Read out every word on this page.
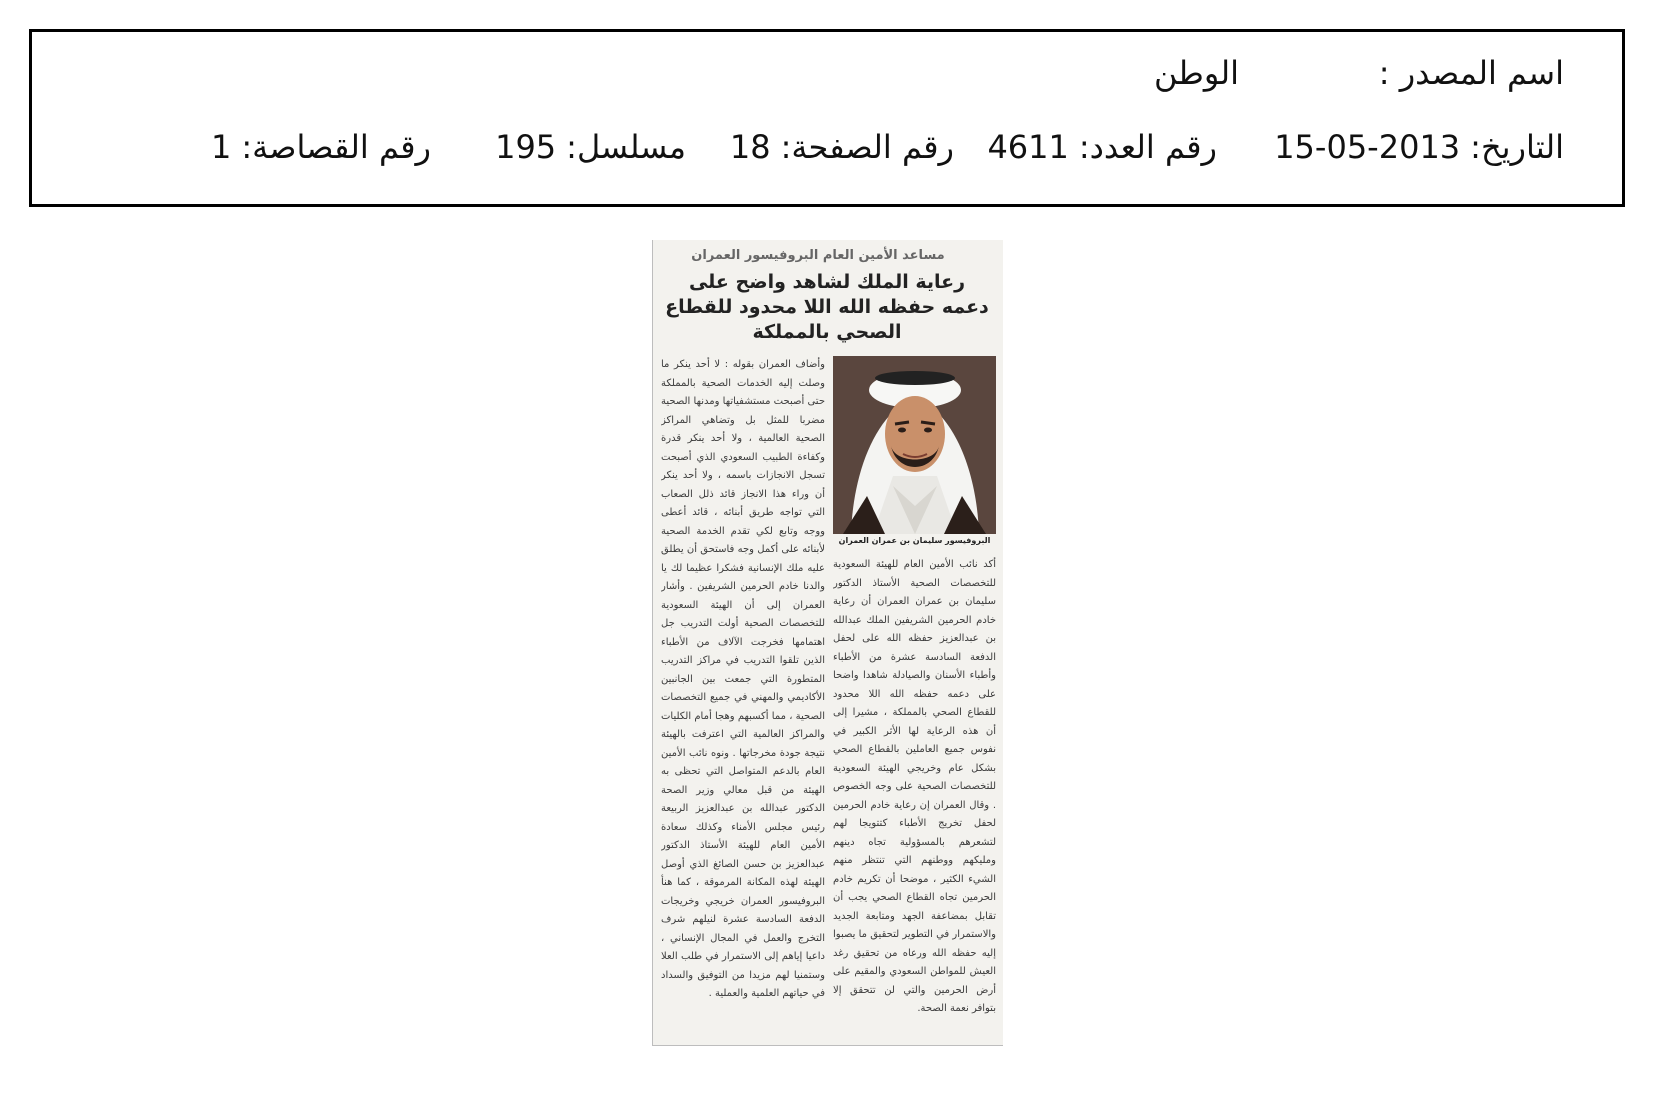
اسم المصدر :
الوطن
التاريخ:2013-05-15
رقم العدد:4611
رقم الصفحة:18
مسلسل:195
رقم القصاصة:1
مساعد الأمين العام البروفيسور العمران
رعاية الملك لشاهد واضح على دعمه حفظه الله اللا محدود للقطاع الصحي بالمملكة
البروفيسور سليمان بن عمران العمران
أكد نائب الأمين العام للهيئة السعودية للتخصصات الصحية الأستاذ الدكتور سليمان بن عمران العمران أن رعاية خادم الحرمين الشريفين الملك عبدالله بن عبدالعزيز حفظه الله على لحفل الدفعة السادسة عشرة من الأطباء وأطباء الأسنان والصيادلة شاهدا واضحا على دعمه حفظه الله اللا محدود للقطاع الصحي بالمملكة ، مشيرا إلى أن هذه الرعاية لها الأثر الكبير في نفوس جميع العاملين بالقطاع الصحي بشكل عام وخريجي الهيئة السعودية للتخصصات الصحية على وجه الخصوص . وقال العمران إن رعاية خادم الحرمين لحفل تخريج الأطباء كتتويجا لهم لتشعرهم بالمسؤولية تجاه دينهم ومليكهم ووطنهم التي تنتظر منهم الشيء الكثير ، موضحا أن تكريم خادم الحرمين تجاه القطاع الصحي يجب أن تقابل بمضاعفة الجهد ومتابعة الجديد والاستمرار في التطوير لتحقيق ما يصبوا إليه حفظه الله ورعاه من تحقيق رغد العيش للمواطن السعودي والمقيم على أرض الحرمين والتي لن تتحقق إلا بتوافر نعمة الصحة.
وأضاف العمران بقوله : لا أحد ينكر ما وصلت إليه الخدمات الصحية بالمملكة حتى أصبحت مستشفياتها ومدنها الصحية مضربا للمثل بل وتضاهي المراكز الصحية العالمية ، ولا أحد ينكر قدرة وكفاءة الطبيب السعودي الذي أصبحت تسجل الانجازات باسمه ، ولا أحد ينكر أن وراء هذا الانجاز قائد ذلل الصعاب التي تواجه طريق أبنائه ، قائد أعطى ووجه وتابع لكي تقدم الخدمة الصحية لأبنائه على أكمل وجه فاستحق أن يطلق عليه ملك الإنسانية فشكرا عظيما لك يا والدنا خادم الحرمين الشريفين . وأشار العمران إلى أن الهيئة السعودية للتخصصات الصحية أولت التدريب جل اهتمامها فخرجت الآلاف من الأطباء الذين تلقوا التدريب في مراكز التدريب المتطورة التي جمعت بين الجانبين الأكاديمي والمهني في جميع التخصصات الصحية ، مما أكسبهم وهجا أمام الكليات والمراكز العالمية التي اعترفت بالهيئة نتيجة جودة مخرجاتها . ونوه نائب الأمين العام بالدعم المتواصل التي تحظى به الهيئة من قبل معالي وزير الصحة الدكتور عبدالله بن عبدالعزيز الربيعة رئيس مجلس الأمناء وكذلك سعادة الأمين العام للهيئة الأستاذ الدكتور عبدالعزيز بن حسن الصائغ الذي أوصل الهيئة لهذه المكانة المرموقة ، كما هنأ البروفيسور العمران خريجي وخريجات الدفعة السادسة عشرة لنيلهم شرف التخرج والعمل في المجال الإنساني ، داعيا إياهم إلى الاستمرار في طلب العلا وستمنيا لهم مزيدا من التوفيق والسداد في حياتهم العلمية والعملية .
